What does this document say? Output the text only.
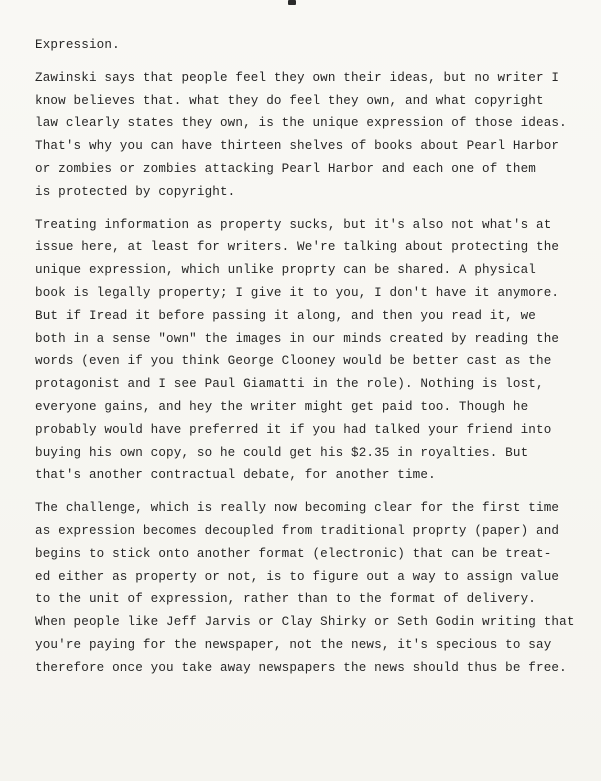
Expression.
Zawinski says that people feel they own their ideas, but no writer I
know believes that. what they do feel they own, and what copyright
law clearly states they own, is the unique expression of those ideas.
That's why you can have thirteen shelves of books about Pearl Harbor
or zombies or zombies attacking Pearl Harbor and each one of them
is protected by copyright.
Treating information as property sucks, but it's also not what's at
issue here, at least for writers. We're talking about protecting the
unique expression, which unlike proprty can be shared. A physical
book is legally property; I give it to you, I don't have it anymore.
But if Iread it before passing it along, and then you read it, we
both in a sense "own" the images in our minds created by reading the
words (even if you think George Clooney would be better cast as the
protagonist and I see Paul Giamatti in the role). Nothing is lost,
everyone gains, and hey the writer might get paid too. Though he
probably would have preferred it if you had talked your friend into
buying his own copy, so he could get his $2.35 in royalties. But
that's another contractual debate, for another time.
The challenge, which is really now becoming clear for the first time
as expression becomes decoupled from traditional proprty (paper) and
begins to stick onto another format (electronic) that can be treat-
ed either as property or not, is to figure out a way to assign value
to the unit of expression, rather than to the format of delivery.
When people like Jeff Jarvis or Clay Shirky or Seth Godin writing that
you're paying for the newspaper, not the news, it's specious to say
therefore once you take away newspapers the news should thus be free.
